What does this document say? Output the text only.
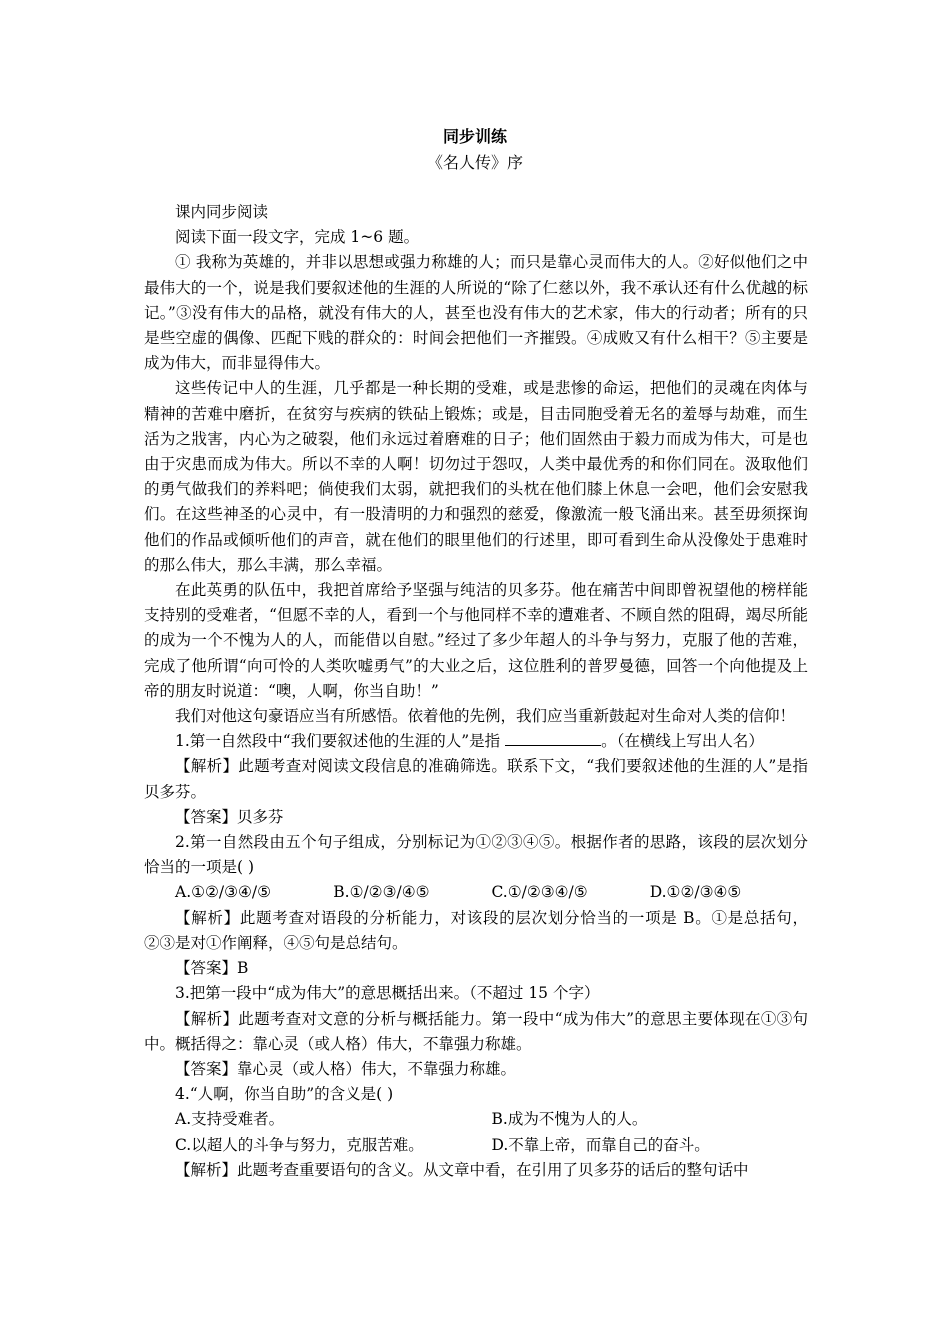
同步训练
《名人传》序

课内同步阅读

阅读下面一段文字，完成 1~6 题。

① 我称为英雄的，并非以思想或强力称雄的人；而只是靠心灵而伟大的人。②好似他们之中最伟大的一个，说是我们要叙述他的生涯的人所说的“除了仁慈以外，我不承认还有什么优越的标记。”③没有伟大的品格，就没有伟大的人，甚至也没有伟大的艺术家，伟大的行动者；所有的只是些空虚的偶像、匹配下贱的群众的：时间会把他们一齐摧毁。④成败又有什么相干？⑤主要是成为伟大，而非显得伟大。

这些传记中人的生涯，几乎都是一种长期的受难，或是悲惨的命运，把他们的灵魂在肉体与精神的苦难中磨折，在贫穷与疾病的铁砧上锻炼；或是，目击同胞受着无名的羞辱与劫难，而生活为之戕害，内心为之破裂，他们永远过着磨难的日子；他们固然由于毅力而成为伟大，可是也由于灾患而成为伟大。所以不幸的人啊！切勿过于怨叹，人类中最优秀的和你们同在。汲取他们的勇气做我们的养料吧；倘使我们太弱，就把我们的头枕在他们膝上休息一会吧，他们会安慰我们。在这些神圣的心灵中，有一股清明的力和强烈的慈爱，像激流一般飞涌出来。甚至毋须探询他们的作品或倾听他们的声音，就在他们的眼里他们的行述里，即可看到生命从没像处于患难时的那么伟大，那么丰满，那么幸福。

在此英勇的队伍中，我把首席给予坚强与纯洁的贝多芬。他在痛苦中间即曾祝望他的榜样能支持别的受难者，“但愿不幸的人，看到一个与他同样不幸的遭难者、不顾自然的阻碍，竭尽所能的成为一个不愧为人的人，而能借以自慰。”经过了多少年超人的斗争与努力，克服了他的苦难，完成了他所谓“向可怜的人类吹嘘勇气”的大业之后，这位胜利的普罗曼德，回答一个向他提及上帝的朋友时说道：“噢，人啊，你当自助！”

我们对他这句豪语应当有所感悟。依着他的先例，我们应当重新鼓起对生命对人类的信仰！

1.第一自然段中“我们要叙述他的生涯的人”是指	。（在横线上写出人名）

【解析】此题考查对阅读文段信息的准确筛选。联系下文，“我们要叙述他的生涯的人”是指贝多芬。

【答案】贝多芬

2.第一自然段由五个句子组成，分别标记为①②③④⑤。根据作者的思路，该段的层次划分恰当的一项是( )

A.①②/③④/⑤	B.①/②③/④⑤	C.①/②③④/⑤	D.①②/③④⑤

【解析】此题考查对语段的分析能力，对该段的层次划分恰当的一项是 B。①是总括句，②③是对①作阐释，④⑤句是总结句。

【答案】B

3.把第一段中“成为伟大”的意思概括出来。（不超过 15 个字）

【解析】此题考查对文意的分析与概括能力。第一段中“成为伟大”的意思主要体现在①③句中。概括得之：靠心灵（或人格）伟大，不靠强力称雄。

【答案】靠心灵（或人格）伟大，不靠强力称雄。

4.“人啊，你当自助”的含义是( )

A.支持受难者。	B.成为不愧为人的人。
C.以超人的斗争与努力，克服苦难。	D.不靠上帝，而靠自己的奋斗。

【解析】此题考查重要语句的含义。从文章中看，在引用了贝多芬的话后的整句话中
